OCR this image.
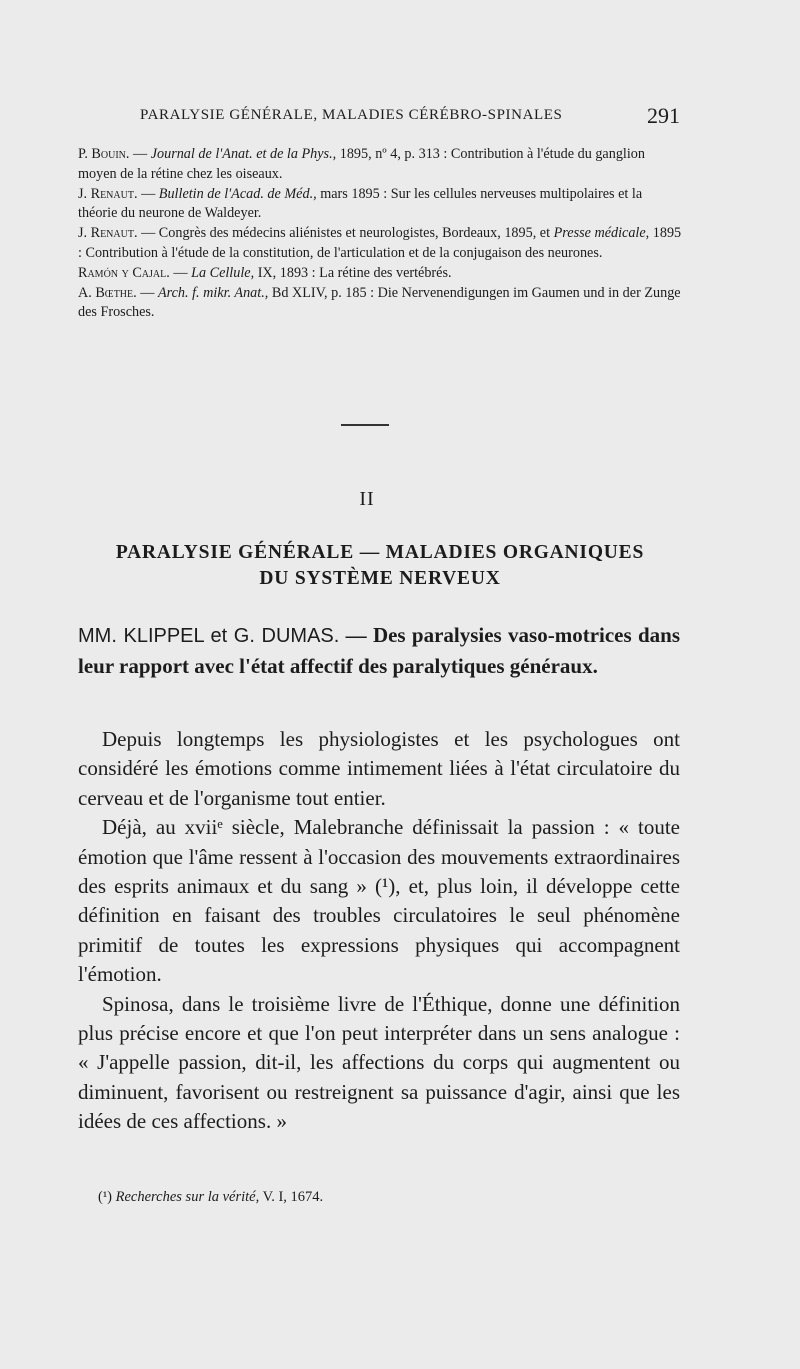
PARALYSIE GÉNÉRALE, MALADIES CÉRÉBRO-SPINALES	291

P. Bouin. — Journal de l'Anat. et de la Phys., 1895, nº 4, p. 313 : Contribution à l'étude du ganglion moyen de la rétine chez les oiseaux.

J. Renaut. — Bulletin de l'Acad. de Méd., mars 1895 : Sur les cellules nerveuses multipolaires et la théorie du neurone de Waldeyer.

J. Renaut. — Congrès des médecins aliénistes et neurologistes, Bordeaux, 1895, et Presse médicale, 1895 : Contribution à l'étude de la constitution, de l'articulation et de la conjugaison des neurones.

Ramón y Cajal. — La Cellule, IX, 1893 : La rétine des vertébrés.

A. Bœthe. — Arch. f. mikr. Anat., Bd XLIV, p. 185 : Die Nervenendigungen im Gaumen und in der Zunge des Frosches.

II
PARALYSIE GÉNÉRALE — MALADIES ORGANIQUES
DU SYSTÈME NERVEUX
MM. KLIPPEL et G. DUMAS. — Des paralysies vaso-motrices dans leur rapport avec l'état affectif des paralytiques généraux.

Depuis longtemps les physiologistes et les psychologues ont considéré les émotions comme intimement liées à l'état circulatoire du cerveau et de l'organisme tout entier.

Déjà, au xviiᵉ siècle, Malebranche définissait la passion : « toute émotion que l'âme ressent à l'occasion des mouvements extraordinaires des esprits animaux et du sang » (¹), et, plus loin, il développe cette définition en faisant des troubles circulatoires le seul phénomène primitif de toutes les expressions physiques qui accompagnent l'émotion.

Spinosa, dans le troisième livre de l'Éthique, donne une définition plus précise encore et que l'on peut interpréter dans un sens analogue : « J'appelle passion, dit-il, les affections du corps qui augmentent ou diminuent, favorisent ou restreignent sa puissance d'agir, ainsi que les idées de ces affections. »

(¹) Recherches sur la vérité, V. I, 1674.
